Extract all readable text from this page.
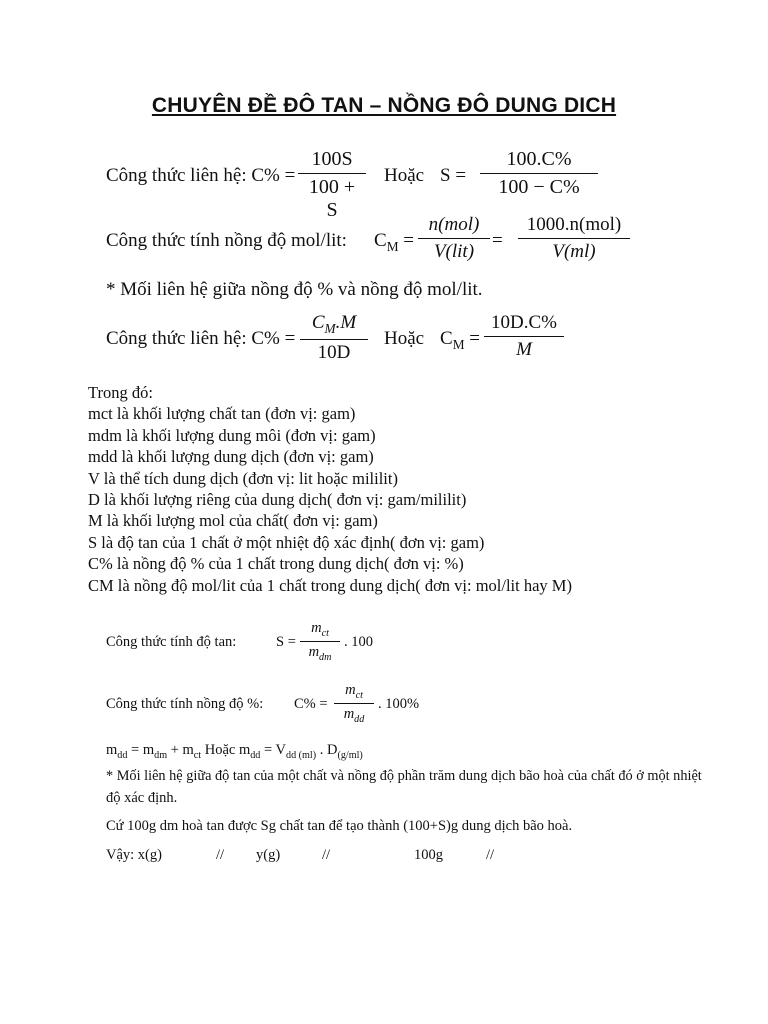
CHUYÊN ĐỀ ĐÔ TAN – NỒNG ĐÔ DUNG DICH
Công thức liên hệ: $C\% = \frac{100S}{100 + S}$ Hoặc $S = \frac{100.C\%}{100 - C\%}$
Công thức tính nồng độ mol/lit: $C_M$ =
n(mol)
V(lit)
=
1000.n(mol)
V(ml)
* Mối liên hệ giữa nồng độ % và nồng độ mol/lit.
Công thức liên hệ: $C\% = \frac{C_M.M}{10D}$ Hoặc $C_M = \frac{10D.C\%}{M}$
Trong đó:
mct là khối lượng chất tan (đơn vị: gam)
mdm là khối lượng dung môi (đơn vị: gam)
mdd là khối lượng dung dịch (đơn vị: gam)
V là thể tích dung dịch (đơn vị: lit hoặc mililit)
D là khối lượng riêng của dung dịch( đơn vị: gam/mililit)
M là khối lượng mol của chất( đơn vị: gam)
S là độ tan của 1 chất ở một nhiệt độ xác định( đơn vị: gam)
C% là nồng độ % của 1 chất trong dung dịch( đơn vị: %)
CM là nồng độ mol/lit của 1 chất trong dung dịch( đơn vị: mol/lit hay M)
Công thức tính độ tan:	S =
$m_{ct}$
$m_{dm}$
. 100
Công thức tính nồng độ %: C% =
$m_{ct}$
$m_{dd}$
. 100%
$m_{dd} = m_{dm} + m_{ct}$ Hoặc $m_{dd} = V_{dd (ml)}$ . $D_{(g/ml)}$
* Mối liên hệ giữa độ tan của một chất và nồng độ phần trăm dung dịch bão hoà của chất đó ở một nhiệt
độ xác định.
Cứ 100g dm hoà tan được Sg chất tan để tạo thành (100+S)g dung dịch bão hoà.
Vậy: x(g)	// y(g)	//	100g	//
